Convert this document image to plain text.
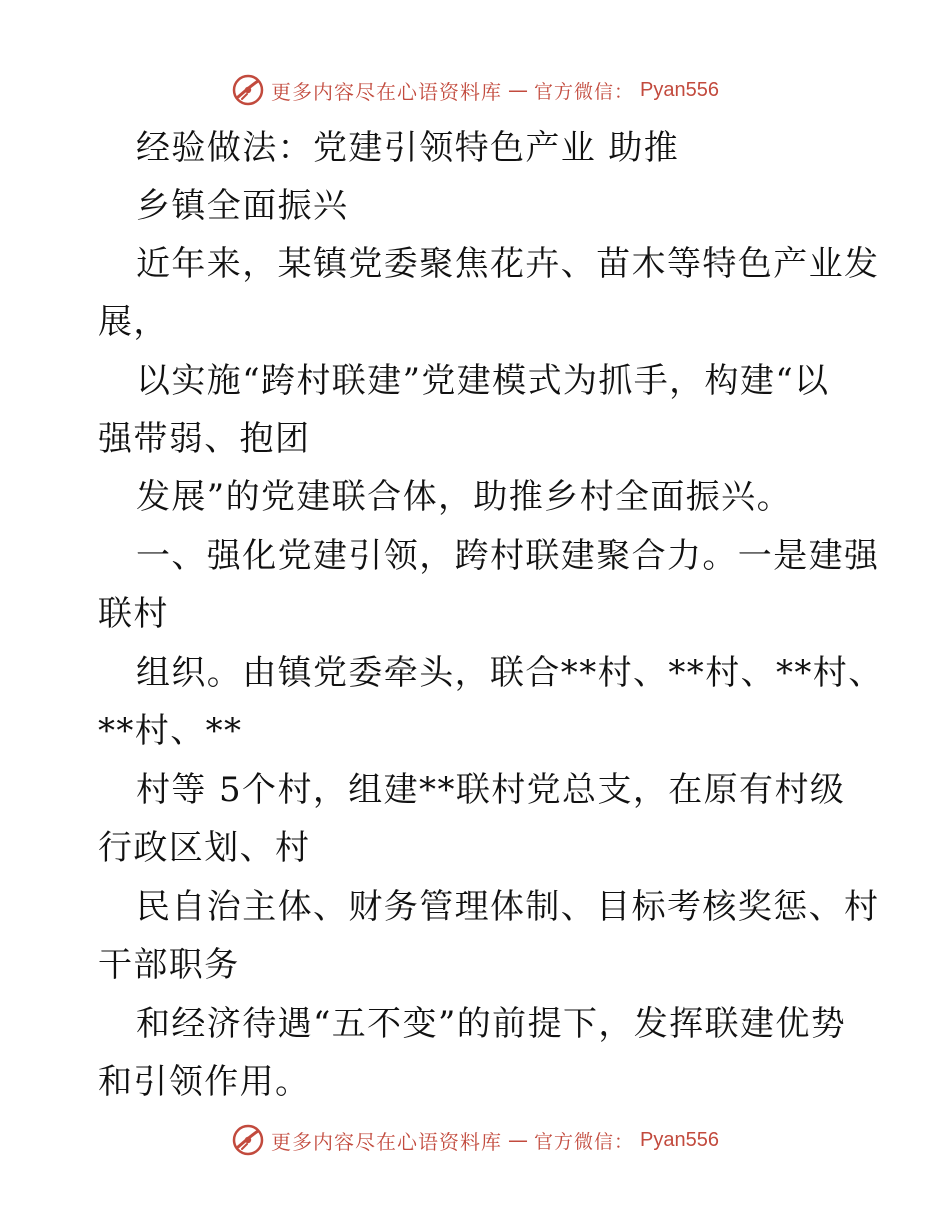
更多内容尽在心语资料库 — 官方微信： Pyan556
经验做法：党建引领特色产业 助推
乡镇全面振兴
近年来，某镇党委聚焦花卉、苗木等特色产业发
展，
以实施“跨村联建”党建模式为抓手，构建“以
强带弱、抱团
发展”的党建联合体，助推乡村全面振兴。
一、强化党建引领，跨村联建聚合力。一是建强
联村
组织。由镇党委牵头，联合**村、**村、**村、
**村、**
村等 5个村，组建**联村党总支，在原有村级
行政区划、村
民自治主体、财务管理体制、目标考核奖惩、村
干部职务
和经济待遇“五不变”的前提下，发挥联建优势
和引领作用。
更多内容尽在心语资料库 — 官方微信： Pyan556
